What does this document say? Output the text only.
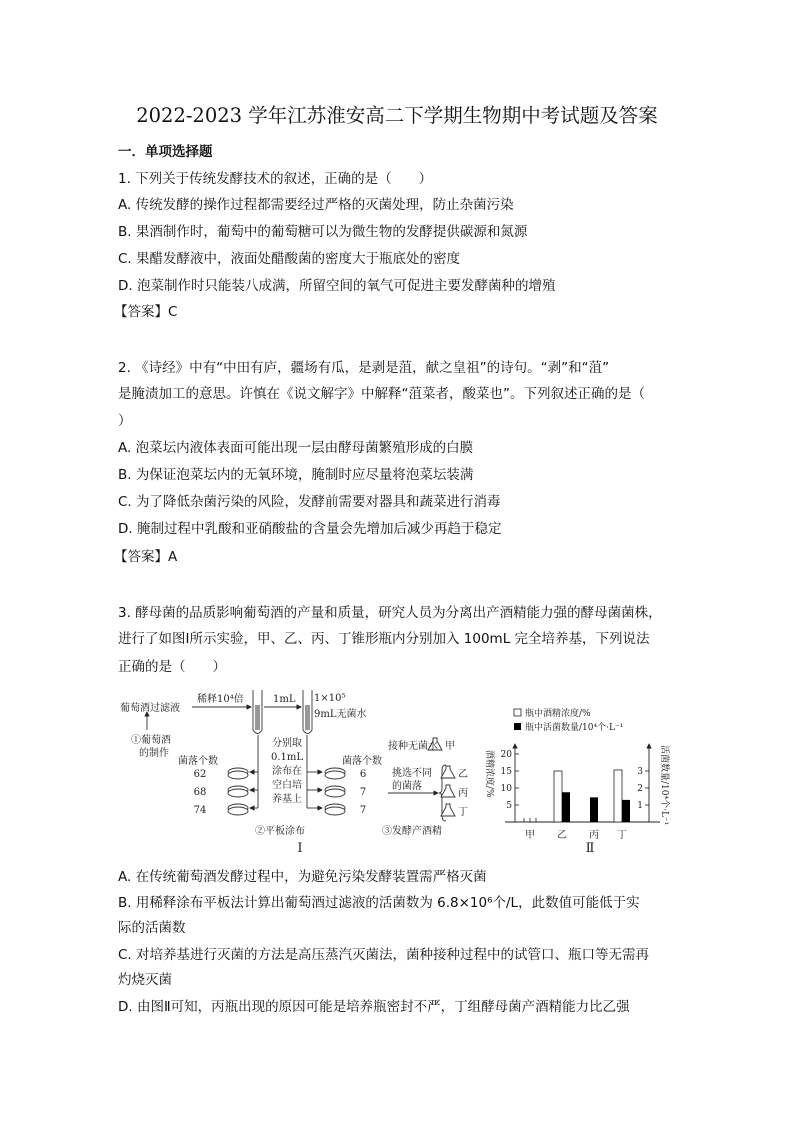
2022-2023 学年江苏淮安高二下学期生物期中考试题及答案
一．单项选择题
1. 下列关于传统发酵技术的叙述，正确的是（　　）
A. 传统发酵的操作过程都需要经过严格的灭菌处理，防止杂菌污染
B. 果酒制作时，葡萄中的葡萄糖可以为微生物的发酵提供碳源和氮源
C. 果醋发酵液中，液面处醋酸菌的密度大于瓶底处的密度
D. 泡菜制作时只能装八成满，所留空间的氧气可促进主要发酵菌种的增殖
【答案】C
2. 《诗经》中有“中田有庐，疆场有瓜，是剥是菹，献之皇祖”的诗句。“剥”和“菹”
是腌渍加工的意思。许慎在《说文解字》中解释“菹菜者，酸菜也”。下列叙述正确的是（
）
A. 泡菜坛内液体表面可能出现一层由酵母菌繁殖形成的白膜
B. 为保证泡菜坛内的无氧环境，腌制时应尽量将泡菜坛装满
C. 为了降低杂菌污染的风险，发酵前需要对器具和蔬菜进行消毒
D. 腌制过程中乳酸和亚硝酸盐的含量会先增加后减少再趋于稳定
【答案】A
3. 酵母菌的品质影响葡萄酒的产量和质量，研究人员为分离出产酒精能力强的酵母菌菌株，
进行了如图Ⅰ所示实验，甲、乙、丙、丁锥形瓶内分别加入 100mL 完全培养基，下列说法
正确的是（　　）
葡萄酒过滤液
稀释10⁴倍	1mL 1×10⁵
9mL无菌水
①葡萄酒
的制作
分别取
0.1mL
涂布在
空白培
养基上
62
68
74
6
7
7
Ⅰ
菌落个数	菌落个数
接种无菌水
挑选不同
的菌落
甲
乙
丙
丁
②平板涂布	③发酵产酒精
瓶中酒精浓度/%
瓶中活菌数量/10⁴个·L⁻¹
酒精浓度/%	活菌数量/10⁴个·L⁻¹
Ⅱ
5
10
15
20
1
2
3
甲 乙 丙 丁
A. 在传统葡萄酒发酵过程中，为避免污染发酵装置需严格灭菌
B. 用稀释涂布平板法计算出葡萄酒过滤液的活菌数为 6.8×10⁶个/L，此数值可能低于实
际的活菌数
C. 对培养基进行灭菌的方法是高压蒸汽灭菌法，菌种接种过程中的试管口、瓶口等无需再
灼烧灭菌
D. 由图Ⅱ可知，丙瓶出现的原因可能是培养瓶密封不严，丁组酵母菌产酒精能力比乙强
